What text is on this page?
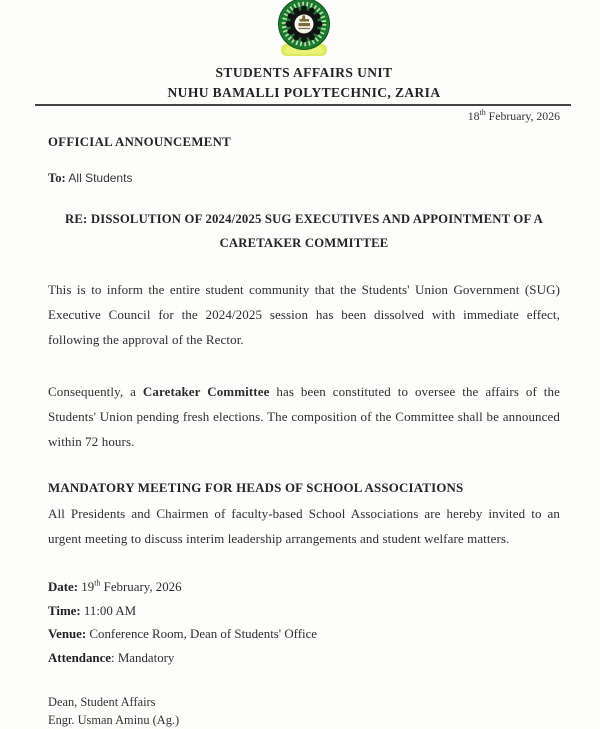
STUDENTS AFFAIRS UNIT
NUHU BAMALLI POLYTECHNIC, ZARIA
18th February, 2026
OFFICIAL ANNOUNCEMENT
To: All Students
RE: DISSOLUTION OF 2024/2025 SUG EXECUTIVES AND APPOINTMENT OF A
CARETAKER COMMITTEE
This is to inform the entire student community that the Students' Union Government (SUG) Executive Council for the 2024/2025 session has been dissolved with immediate effect, following the approval of the Rector.
Consequently, a Caretaker Committee has been constituted to oversee the affairs of the Students' Union pending fresh elections. The composition of the Committee shall be announced within 72 hours.
MANDATORY MEETING FOR HEADS OF SCHOOL ASSOCIATIONS
All Presidents and Chairmen of faculty-based School Associations are hereby invited to an urgent meeting to discuss interim leadership arrangements and student welfare matters.
Date: 19th February, 2026
Time: 11:00 AM
Venue: Conference Room, Dean of Students' Office
Attendance: Mandatory
Dean, Student Affairs
Engr. Usman Aminu (Ag.)
